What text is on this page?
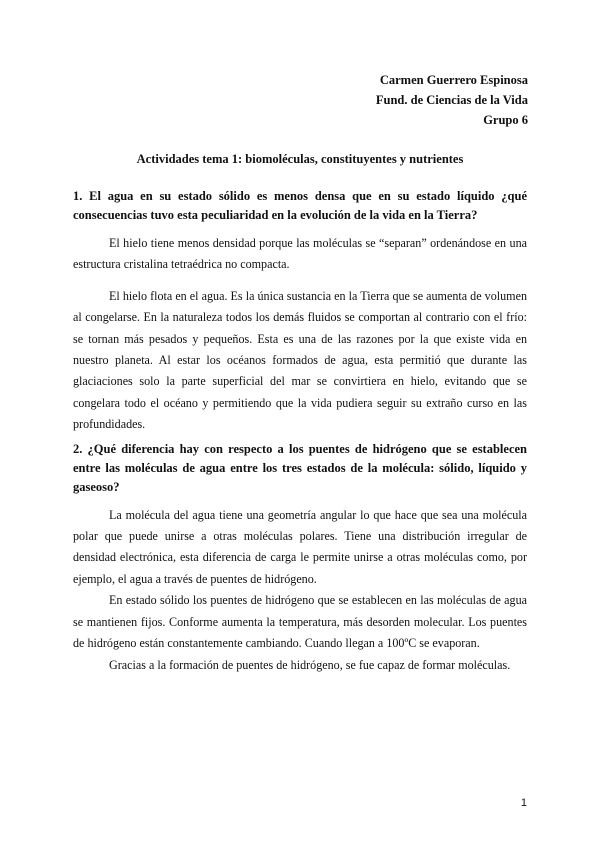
Carmen Guerrero Espinosa
Fund. de Ciencias de la Vida
Grupo 6
Actividades tema 1: biomoléculas, constituyentes y nutrientes
1. El agua en su estado sólido es menos densa que en su estado líquido ¿qué consecuencias tuvo esta peculiaridad en la evolución de la vida en la Tierra?

El hielo tiene menos densidad porque las moléculas se “separan” ordenándose en una estructura cristalina tetraédrica no compacta.

El hielo flota en el agua. Es la única sustancia en la Tierra que se aumenta de volumen al congelarse. En la naturaleza todos los demás fluidos se comportan al contrario con el frío: se tornan más pesados y pequeños. Esta es una de las razones por la que existe vida en nuestro planeta. Al estar los océanos formados de agua, esta permitió que durante las glaciaciones solo la parte superficial del mar se convirtiera en hielo, evitando que se congelara todo el océano y permitiendo que la vida pudiera seguir su extraño curso en las profundidades.

2. ¿Qué diferencia hay con respecto a los puentes de hidrógeno que se establecen entre las moléculas de agua entre los tres estados de la molécula: sólido, líquido y gaseoso?

La molécula del agua tiene una geometría angular lo que hace que sea una molécula polar que puede unirse a otras moléculas polares. Tiene una distribución irregular de densidad electrónica, esta diferencia de carga le permite unirse a otras moléculas como, por ejemplo, el agua a través de puentes de hidrógeno.

En estado sólido los puentes de hidrógeno que se establecen en las moléculas de agua se mantienen fijos. Conforme aumenta la temperatura, más desorden molecular. Los puentes de hidrógeno están constantemente cambiando. Cuando llegan a 100ºC se evaporan.

Gracias a la formación de puentes de hidrógeno, se fue capaz de formar moléculas.

1
